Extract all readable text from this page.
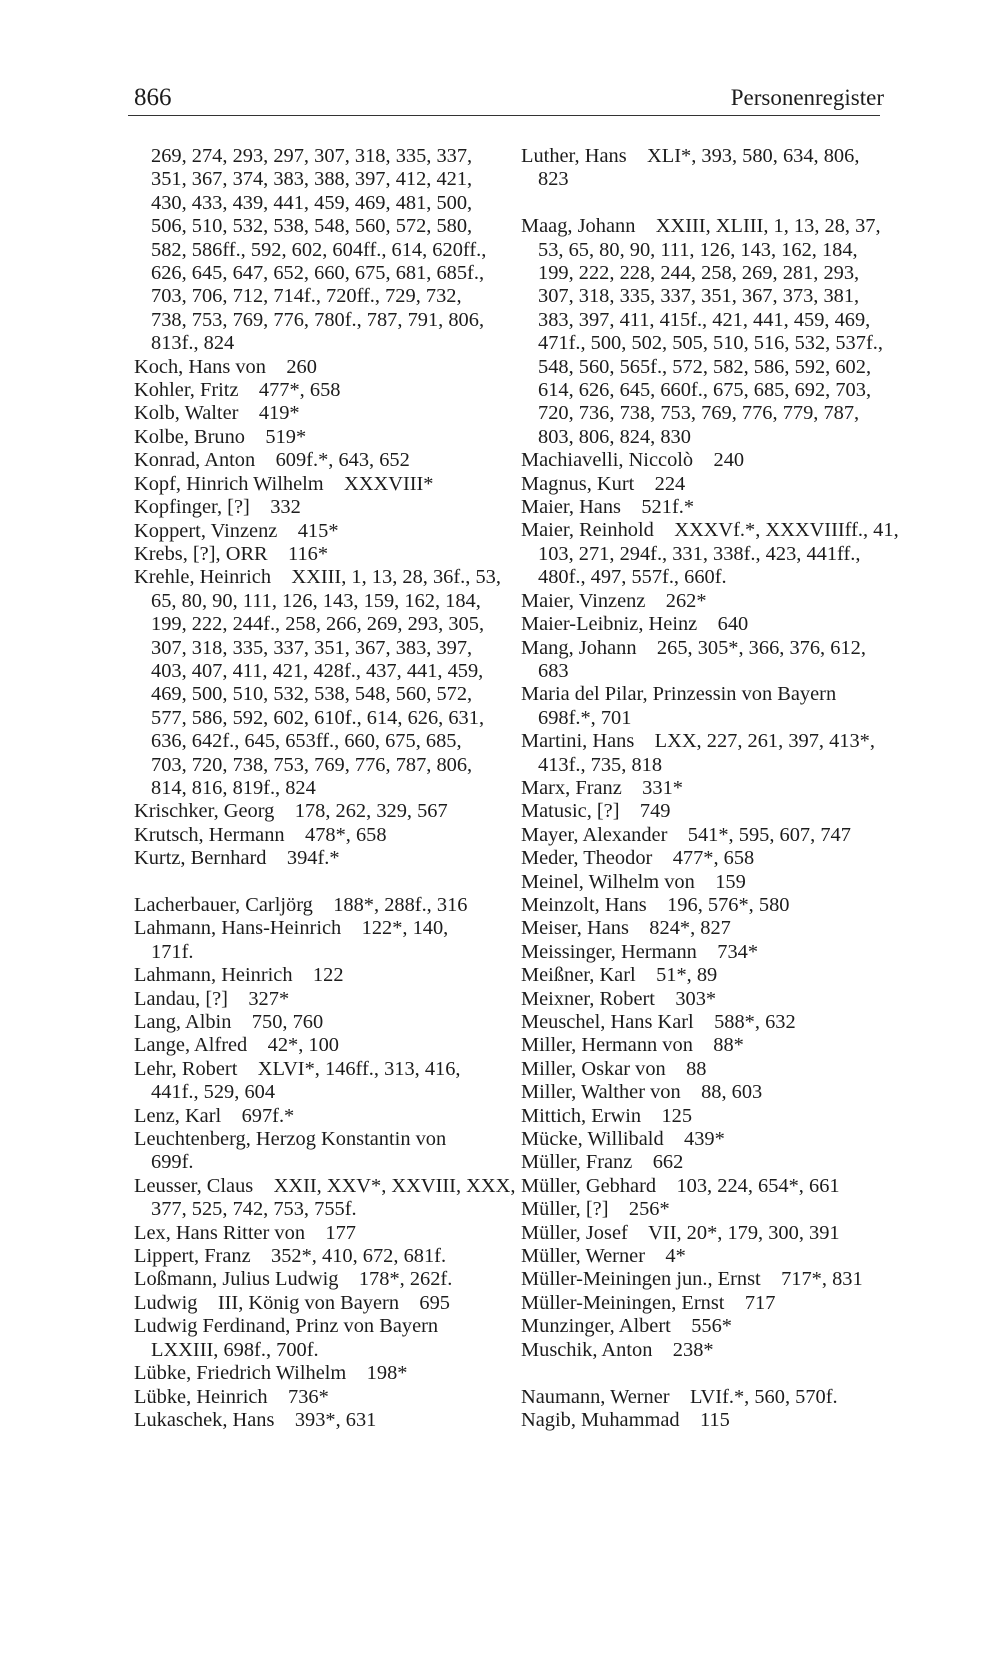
866	Personenregister

269, 274, 293, 297, 307, 318, 335, 337,

351, 367, 374, 383, 388, 397, 412, 421,

430, 433, 439, 441, 459, 469, 481, 500,

506, 510, 532, 538, 548, 560, 572, 580,

582, 586ff., 592, 602, 604ff., 614, 620ff.,

626, 645, 647, 652, 660, 675, 681, 685f.,

703, 706, 712, 714f., 720ff., 729, 732,

738, 753, 769, 776, 780f., 787, 791, 806,

813f., 824

Koch, Hans von  260

Kohler, Fritz  477*, 658

Kolb, Walter  419*

Kolbe, Bruno  519*

Konrad, Anton  609f.*, 643, 652

Kopf, Hinrich Wilhelm  XXXVIII*

Kopfinger, [?]  332

Koppert, Vinzenz  415*

Krebs, [?], ORR  116*

Krehle, Heinrich  XXIII, 1, 13, 28, 36f., 53,

65, 80, 90, 111, 126, 143, 159, 162, 184,

199, 222, 244f., 258, 266, 269, 293, 305,

307, 318, 335, 337, 351, 367, 383, 397,

403, 407, 411, 421, 428f., 437, 441, 459,

469, 500, 510, 532, 538, 548, 560, 572,

577, 586, 592, 602, 610f., 614, 626, 631,

636, 642f., 645, 653ff., 660, 675, 685,

703, 720, 738, 753, 769, 776, 787, 806,

814, 816, 819f., 824

Krischker, Georg  178, 262, 329, 567

Krutsch, Hermann  478*, 658

Kurtz, Bernhard  394f.*

Lacherbauer, Carljörg  188*, 288f., 316

Lahmann, Hans-Heinrich  122*, 140,

171f.

Lahmann, Heinrich  122

Landau, [?]  327*

Lang, Albin  750, 760

Lange, Alfred  42*, 100

Lehr, Robert  XLVI*, 146ff., 313, 416,

441f., 529, 604

Lenz, Karl  697f.*

Leuchtenberg, Herzog Konstantin von

699f.

Leusser, Claus  XXII, XXV*, XXVIII, XXX,

377, 525, 742, 753, 755f.

Lex, Hans Ritter von  177

Lippert, Franz  352*, 410, 672, 681f.

Loßmann, Julius Ludwig  178*, 262f.

Ludwig  III, König von Bayern  695

Ludwig Ferdinand, Prinz von Bayern

LXXIII, 698f., 700f.

Lübke, Friedrich Wilhelm  198*

Lübke, Heinrich  736*

Lukaschek, Hans  393*, 631

Luther, Hans  XLI*, 393, 580, 634, 806,

823

Maag, Johann  XXIII, XLIII, 1, 13, 28, 37,

53, 65, 80, 90, 111, 126, 143, 162, 184,

199, 222, 228, 244, 258, 269, 281, 293,

307, 318, 335, 337, 351, 367, 373, 381,

383, 397, 411, 415f., 421, 441, 459, 469,

471f., 500, 502, 505, 510, 516, 532, 537f.,

548, 560, 565f., 572, 582, 586, 592, 602,

614, 626, 645, 660f., 675, 685, 692, 703,

720, 736, 738, 753, 769, 776, 779, 787,

803, 806, 824, 830

Machiavelli, Niccolò  240

Magnus, Kurt  224

Maier, Hans  521f.*

Maier, Reinhold  XXXVf.*, XXXVIIIff., 41,

103, 271, 294f., 331, 338f., 423, 441ff.,

480f., 497, 557f., 660f.

Maier, Vinzenz  262*

Maier-Leibniz, Heinz  640

Mang, Johann  265, 305*, 366, 376, 612,

683

Maria del Pilar, Prinzessin von Bayern

698f.*, 701

Martini, Hans  LXX, 227, 261, 397, 413*,

413f., 735, 818

Marx, Franz  331*

Matusic, [?]  749

Mayer, Alexander  541*, 595, 607, 747

Meder, Theodor  477*, 658

Meinel, Wilhelm von  159

Meinzolt, Hans  196, 576*, 580

Meiser, Hans  824*, 827

Meissinger, Hermann  734*

Meißner, Karl  51*, 89

Meixner, Robert  303*

Meuschel, Hans Karl  588*, 632

Miller, Hermann von  88*

Miller, Oskar von  88

Miller, Walther von  88, 603

Mittich, Erwin  125

Mücke, Willibald  439*

Müller, Franz  662

Müller, Gebhard  103, 224, 654*, 661

Müller, [?]  256*

Müller, Josef  VII, 20*, 179, 300, 391

Müller, Werner  4*

Müller-Meiningen jun., Ernst  717*, 831

Müller-Meiningen, Ernst  717

Munzinger, Albert  556*

Muschik, Anton  238*

Naumann, Werner  LVIf.*, 560, 570f.

Nagib, Muhammad  115
